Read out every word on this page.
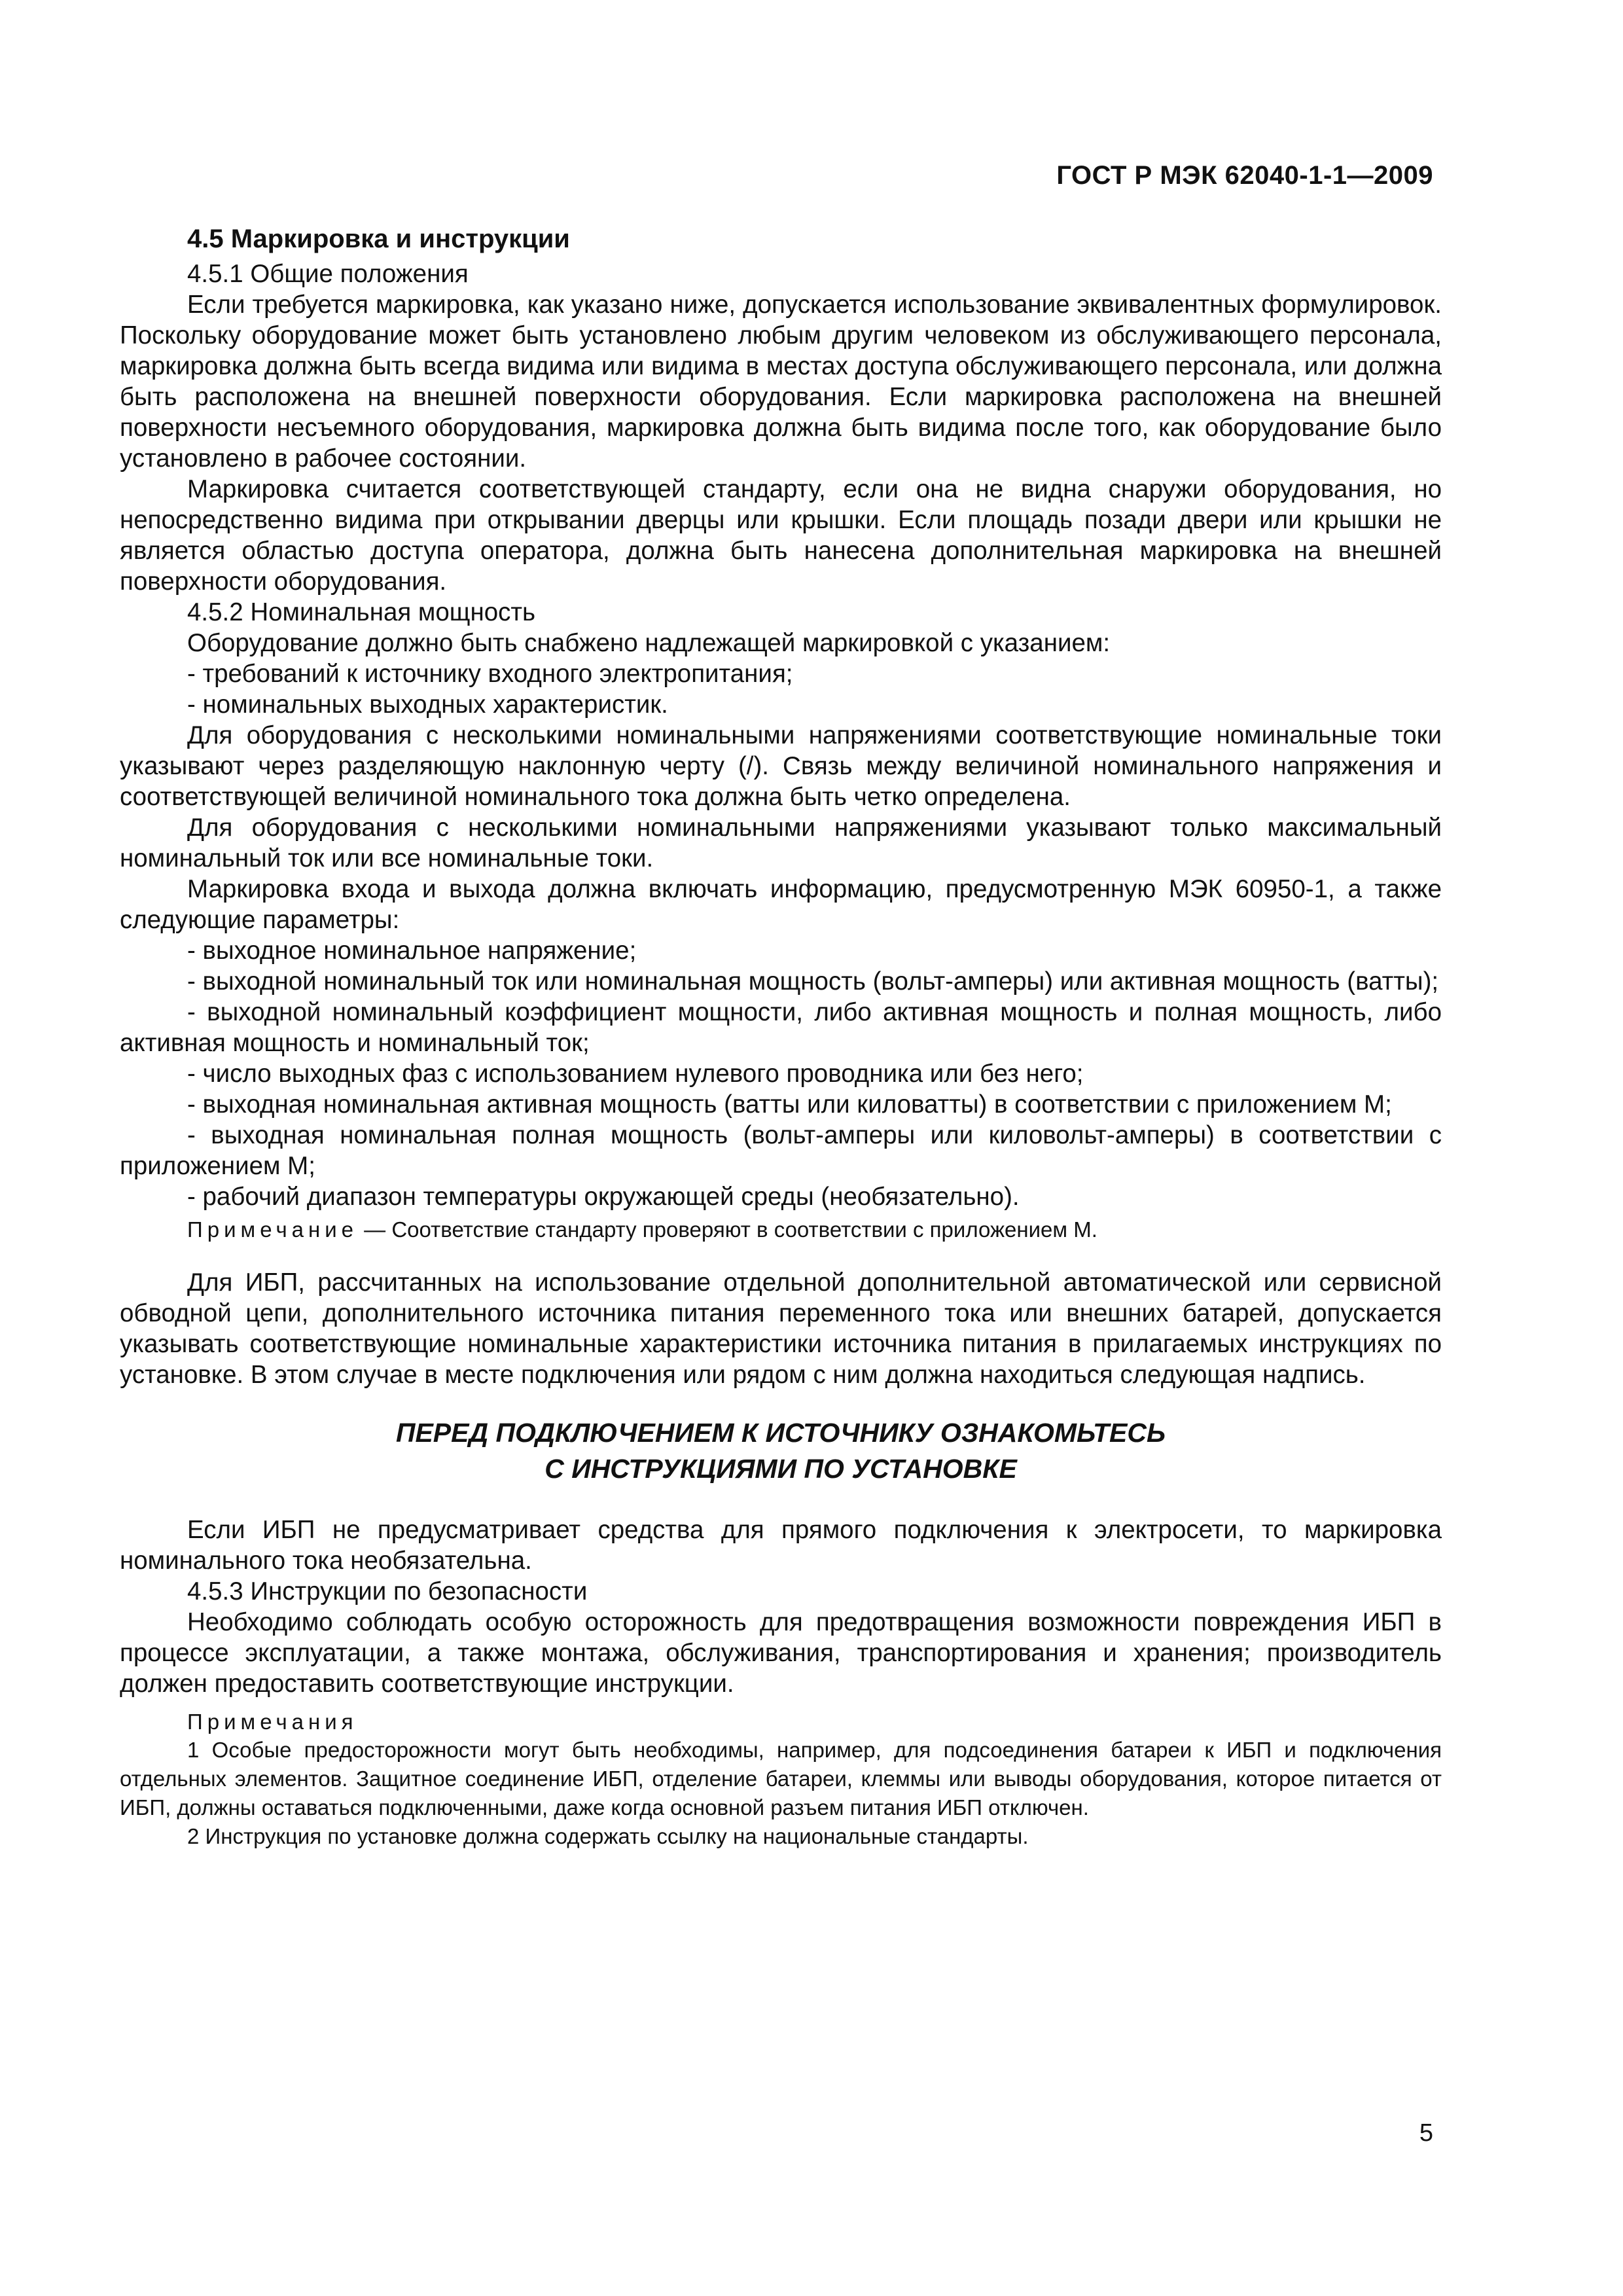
ГОСТ Р МЭК 62040-1-1—2009
4.5 Маркировка и инструкции
4.5.1 Общие положения

Если требуется маркировка, как указано ниже, допускается использование эквивалентных формулировок. Поскольку оборудование может быть установлено любым другим человеком из обслуживающего персонала, маркировка должна быть всегда видима или видима в местах доступа обслуживающего персонала, или должна быть расположена на внешней поверхности оборудования. Если маркировка расположена на внешней поверхности несъемного оборудования, маркировка должна быть видима после того, как оборудование было установлено в рабочее состоянии.

Маркировка считается соответствующей стандарту, если она не видна снаружи оборудования, но непосредственно видима при открывании дверцы или крышки. Если площадь позади двери или крышки не является областью доступа оператора, должна быть нанесена дополнительная маркировка на внешней поверхности оборудования.

4.5.2 Номинальная мощность

Оборудование должно быть снабжено надлежащей маркировкой с указанием:

- требований к источнику входного электропитания;

- номинальных выходных характеристик.

Для оборудования с несколькими номинальными напряжениями соответствующие номинальные токи указывают через разделяющую наклонную черту (/). Связь между величиной номинального напряжения и соответствующей величиной номинального тока должна быть четко определена.

Для оборудования с несколькими номинальными напряжениями указывают только максимальный номинальный ток или все номинальные токи.

Маркировка входа и выхода должна включать информацию, предусмотренную МЭК 60950-1, а также следующие параметры:

- выходное номинальное напряжение;

- выходной номинальный ток или номинальная мощность (вольт-амперы) или активная мощность (ватты);

- выходной номинальный коэффициент мощности, либо активная мощность и полная мощность, либо активная мощность и номинальный ток;

- число выходных фаз с использованием нулевого проводника или без него;

- выходная номинальная активная мощность (ватты или киловатты) в соответствии с приложением М;

- выходная номинальная полная мощность (вольт-амперы или киловольт-амперы) в соответствии с приложением М;

- рабочий диапазон температуры окружающей среды (необязательно).

Примечание — Соответствие стандарту проверяют в соответствии с приложением М.

Для ИБП, рассчитанных на использование отдельной дополнительной автоматической или сервисной обводной цепи, дополнительного источника питания переменного тока или внешних батарей, допускается указывать соответствующие номинальные характеристики источника питания в прилагаемых инструкциях по установке. В этом случае в месте подключения или рядом с ним должна находиться следующая надпись.

ПЕРЕД ПОДКЛЮЧЕНИЕМ К ИСТОЧНИКУ ОЗНАКОМЬТЕСЬ
С ИНСТРУКЦИЯМИ ПО УСТАНОВКЕ

Если ИБП не предусматривает средства для прямого подключения к электросети, то маркировка номинального тока необязательна.

4.5.3 Инструкции по безопасности

Необходимо соблюдать особую осторожность для предотвращения возможности повреждения ИБП в процессе эксплуатации, а также монтажа, обслуживания, транспортирования и хранения; производитель должен предоставить соответствующие инструкции.

Примечания

1 Особые предосторожности могут быть необходимы, например, для подсоединения батареи к ИБП и подключения отдельных элементов. Защитное соединение ИБП, отделение батареи, клеммы или выводы оборудования, которое питается от ИБП, должны оставаться подключенными, даже когда основной разъем питания ИБП отключен.

2 Инструкция по установке должна содержать ссылку на национальные стандарты.

5
